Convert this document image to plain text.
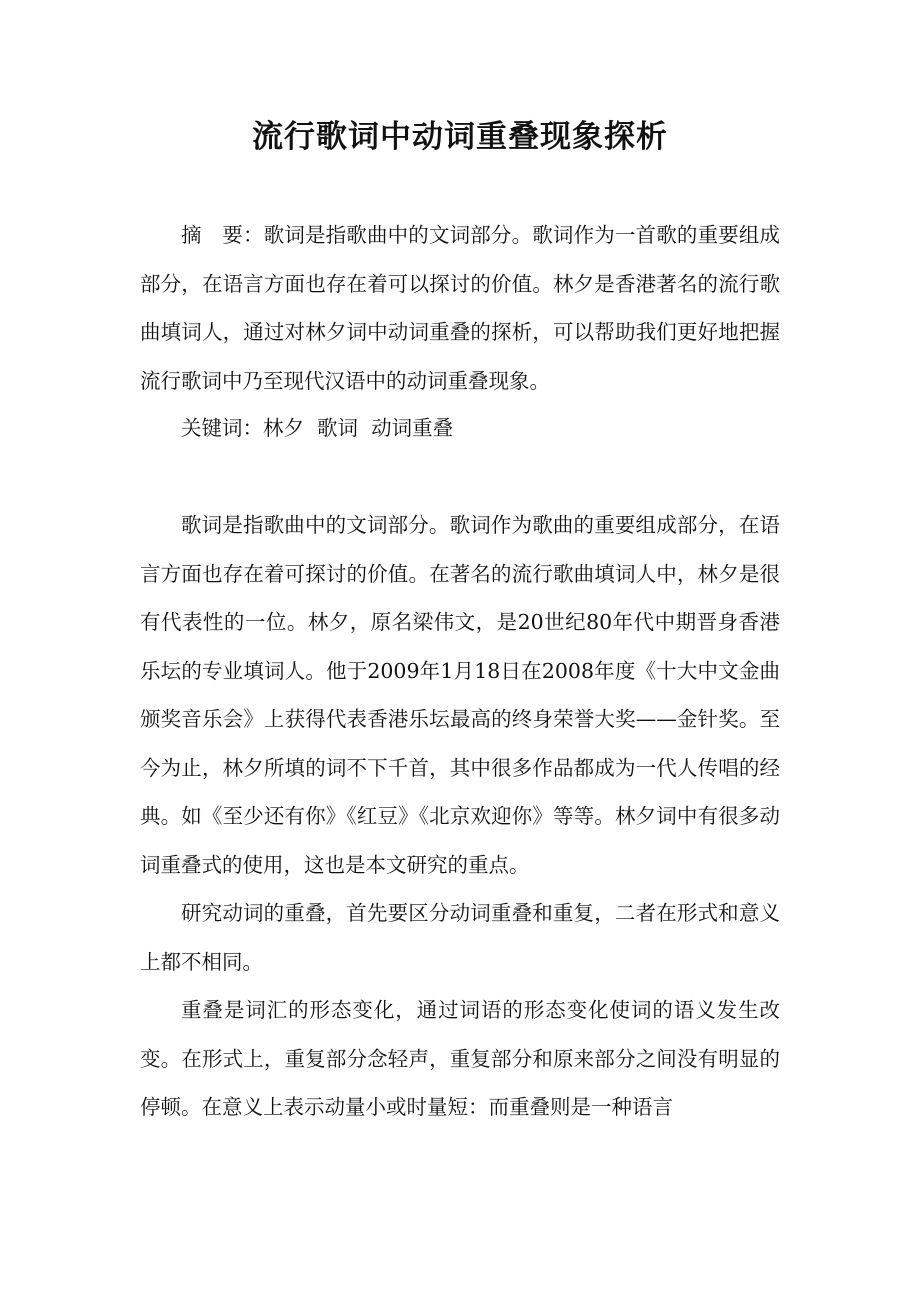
流行歌词中动词重叠现象探析

摘　要：歌词是指歌曲中的文词部分。歌词作为一首歌的重要组成部分，在语言方面也存在着可以探讨的价值。林夕是香港著名的流行歌曲填词人，通过对林夕词中动词重叠的探析，可以帮助我们更好地把握流行歌词中乃至现代汉语中的动词重叠现象。

关键词：林夕  歌词  动词重叠

歌词是指歌曲中的文词部分。歌词作为歌曲的重要组成部分，在语言方面也存在着可探讨的价值。在著名的流行歌曲填词人中，林夕是很有代表性的一位。林夕，原名梁伟文，是20世纪80年代中期晋身香港乐坛的专业填词人。他于2009年1月18日在2008年度《十大中文金曲颁奖音乐会》上获得代表香港乐坛最高的终身荣誉大奖——金针奖。至今为止，林夕所填的词不下千首，其中很多作品都成为一代人传唱的经典。如《至少还有你》《红豆》《北京欢迎你》等等。林夕词中有很多动词重叠式的使用，这也是本文研究的重点。

研究动词的重叠，首先要区分动词重叠和重复，二者在形式和意义上都不相同。

重叠是词汇的形态变化，通过词语的形态变化使词的语义发生改变。在形式上，重复部分念轻声，重复部分和原来部分之间没有明显的停顿。在意义上表示动量小或时量短：而重叠则是一种语言
